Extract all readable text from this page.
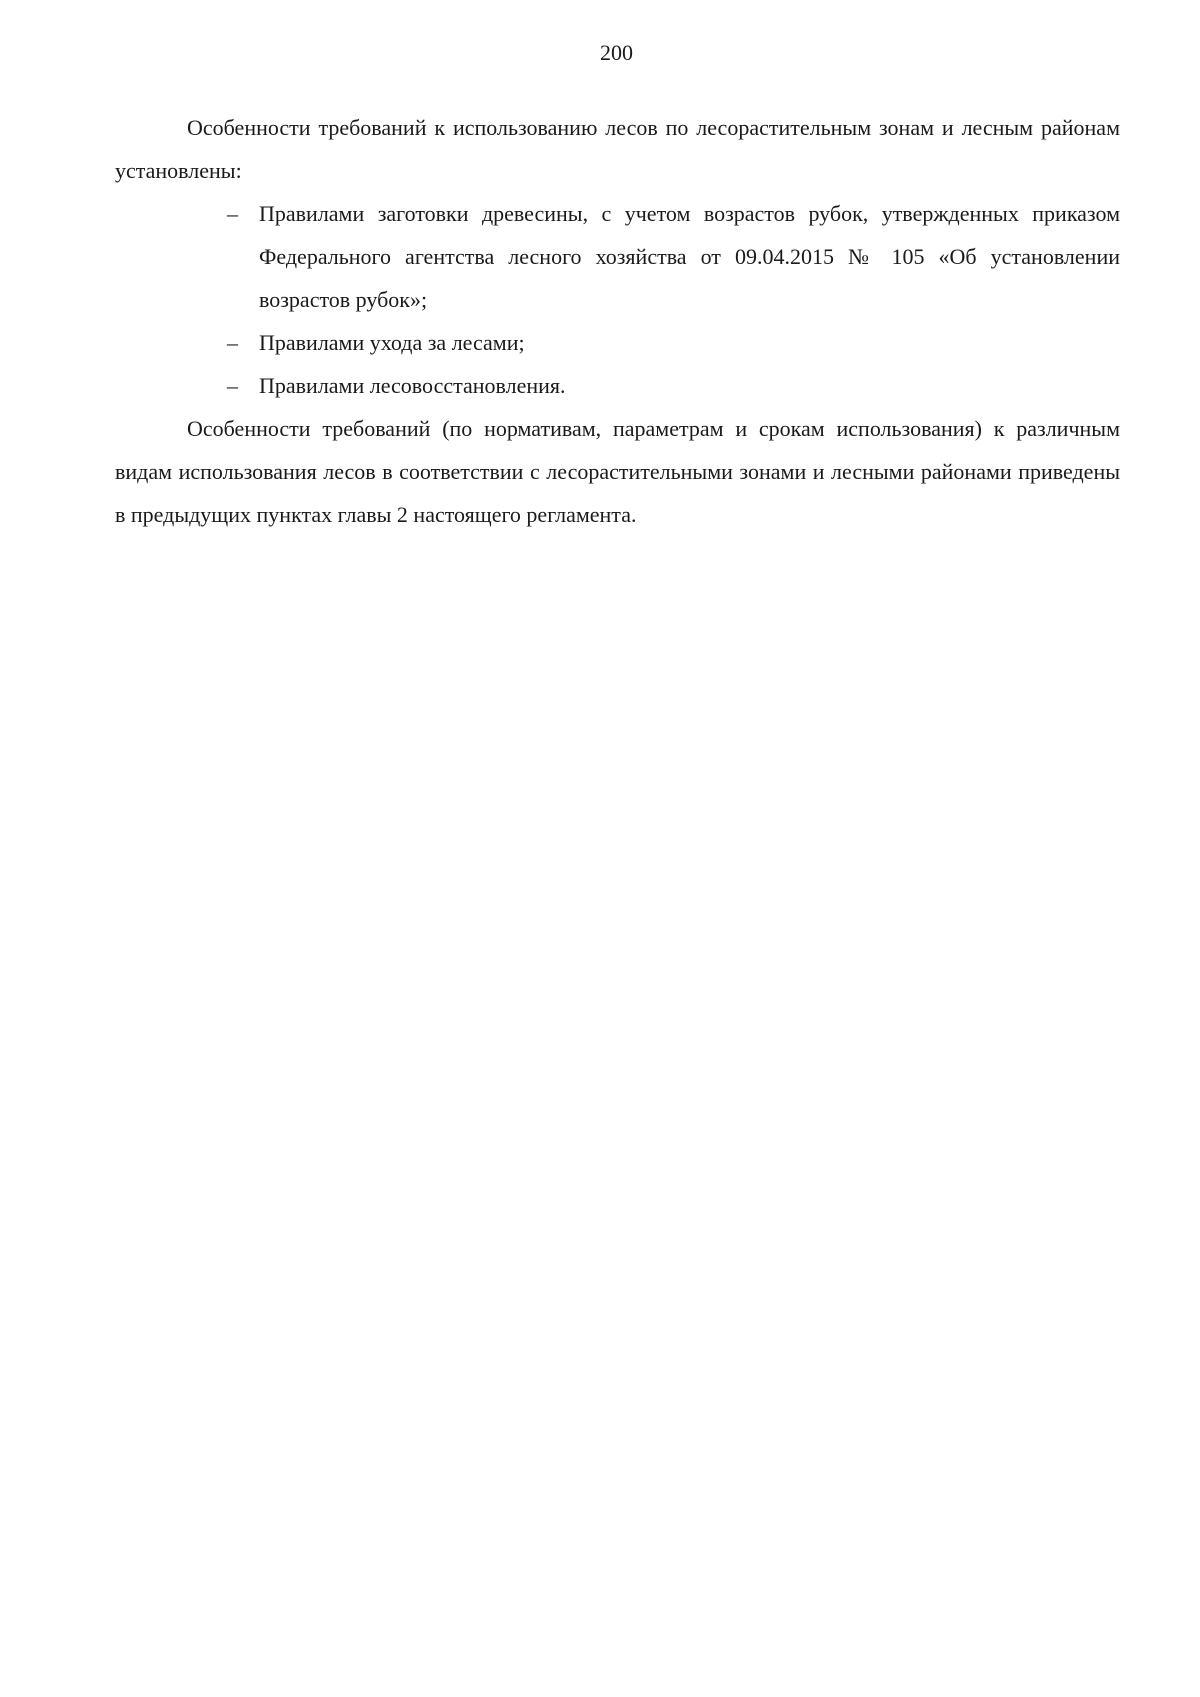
200

Особенности требований к использованию лесов по лесорастительным зонам и лесным районам установлены:

– Правилами заготовки древесины, с учетом возрастов рубок, утвержденных приказом Федерального агентства лесного хозяйства от 09.04.2015 № 105 «Об установлении возрастов рубок»;
– Правилами ухода за лесами;
– Правилами лесовосстановления.

Особенности требований (по нормативам, параметрам и срокам использования) к различным видам использования лесов в соответствии с лесорастительными зонами и лесными районами приведены в предыдущих пунктах главы 2 настоящего регламента.
